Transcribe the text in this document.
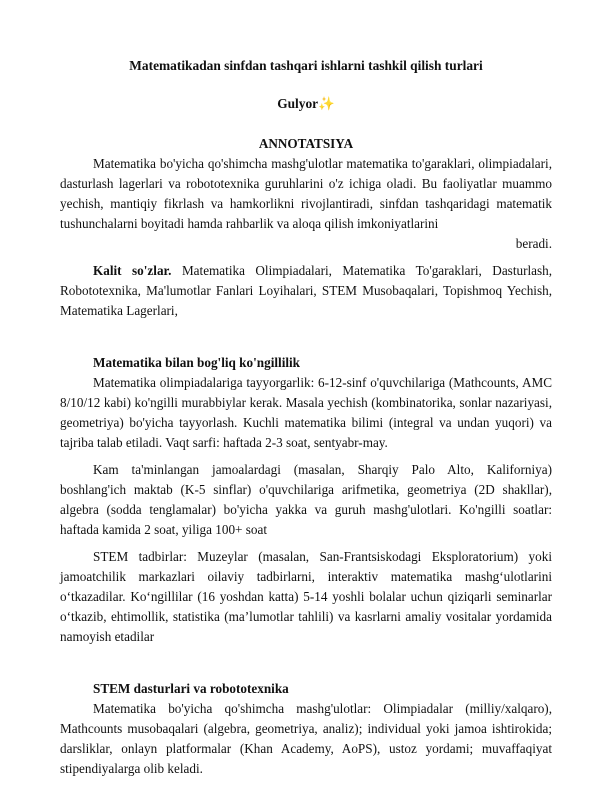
Matematikadan sinfdan tashqari ishlarni tashkil qilish turlari
Gulyor✨
ANNOTATSIYA

Matematika bo'yicha qo'shimcha mashg'ulotlar matematika to'garaklari, olimpiadalari, dasturlash lagerlari va robototexnika guruhlarini o'z ichiga oladi. Bu faoliyatlar muammo yechish, mantiqiy fikrlash va hamkorlikni rivojlantiradi, sinfdan tashqaridagi matematik tushunchalarni boyitadi hamda rahbarlik va aloqa qilish imkoniyatlarini

beradi.

Kalit so'zlar. Matematika Olimpiadalari, Matematika To'garaklari, Dasturlash, Robototexnika, Ma'lumotlar Fanlari Loyihalari, STEM Musobaqalari, Topishmoq Yechish, Matematika Lagerlari,

Matematika bilan bog'liq ko'ngillilik

Matematika olimpiadalariga tayyorgarlik: 6-12-sinf o'quvchilariga (Mathcounts, AMC 8/10/12 kabi) ko'ngilli murabbiylar kerak. Masala yechish (kombinatorika, sonlar nazariyasi, geometriya) bo'yicha tayyorlash. Kuchli matematika bilimi (integral va undan yuqori) va tajriba talab etiladi. Vaqt sarfi: haftada 2-3 soat, sentyabr-may.

Kam ta'minlangan jamoalardagi (masalan, Sharqiy Palo Alto, Kaliforniya) boshlang'ich maktab (K-5 sinflar) o'quvchilariga arifmetika, geometriya (2D shakllar), algebra (sodda tenglamalar) bo'yicha yakka va guruh mashg'ulotlari. Ko'ngilli soatlar: haftada kamida 2 soat, yiliga 100+ soat

STEM tadbirlar: Muzeylar (masalan, San-Frantsiskodagi Eksploratorium) yoki jamoatchilik markazlari oilaviy tadbirlarni, interaktiv matematika mashg‘ulotlarini o‘tkazadilar. Ko‘ngillilar (16 yoshdan katta) 5-14 yoshli bolalar uchun qiziqarli seminarlar o‘tkazib, ehtimollik, statistika (ma’lumotlar tahlili) va kasrlarni amaliy vositalar yordamida namoyish etadilar

STEM dasturlari va robototexnika

Matematika bo'yicha qo'shimcha mashg'ulotlar: Olimpiadalar (milliy/xalqaro), Mathcounts musobaqalari (algebra, geometriya, analiz); individual yoki jamoa ishtirokida; darsliklar, onlayn platformalar (Khan Academy, AoPS), ustoz yordami; muvaffaqiyat stipendiyalarga olib keladi.
